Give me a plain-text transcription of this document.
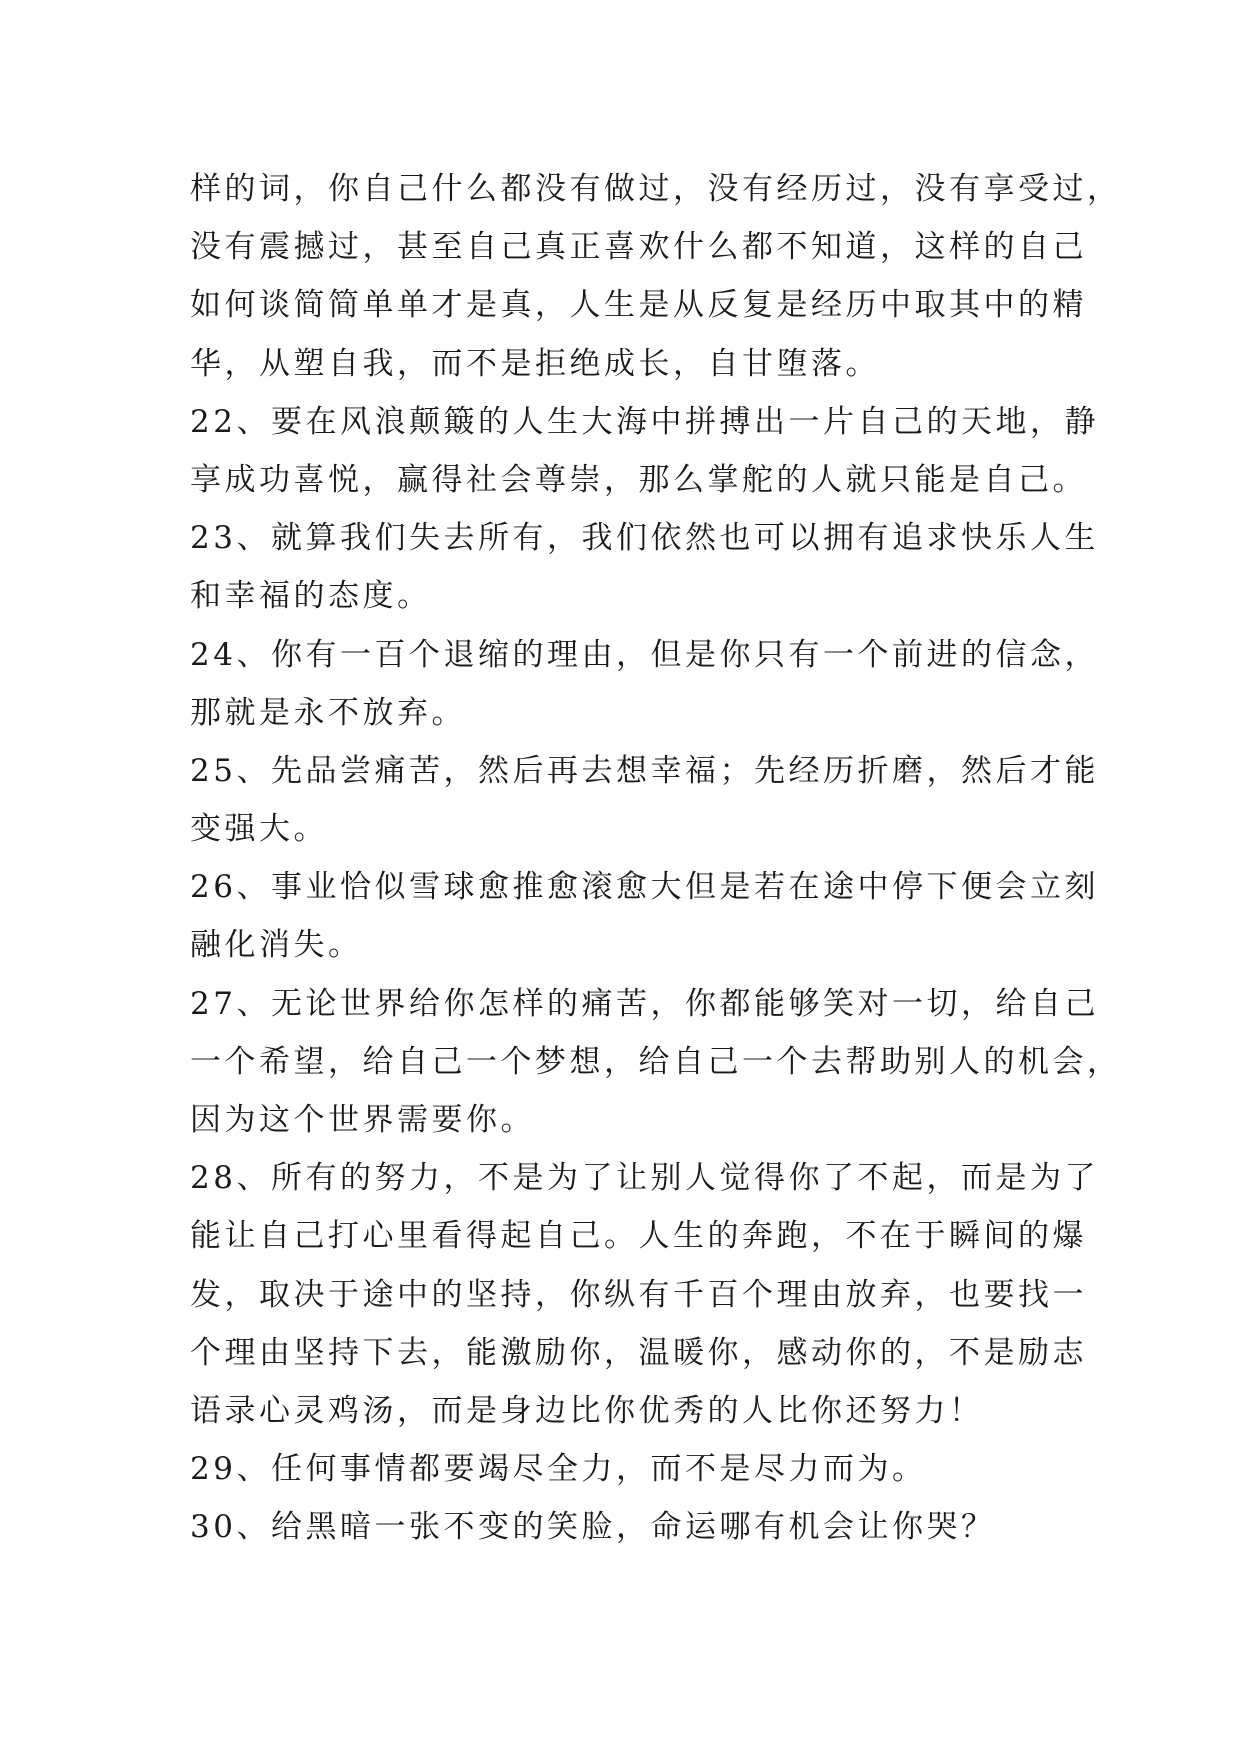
样的词，你自己什么都没有做过，没有经历过，没有享受过，
没有震撼过，甚至自己真正喜欢什么都不知道，这样的自己
如何谈简简单单才是真，人生是从反复是经历中取其中的精
华，从塑自我，而不是拒绝成长，自甘堕落。
22、要在风浪颠簸的人生大海中拼搏出一片自己的天地，静
享成功喜悦，赢得社会尊崇，那么掌舵的人就只能是自己。
23、就算我们失去所有，我们依然也可以拥有追求快乐人生
和幸福的态度。
24、你有一百个退缩的理由，但是你只有一个前进的信念，
那就是永不放弃。
25、先品尝痛苦，然后再去想幸福；先经历折磨，然后才能
变强大。
26、事业恰似雪球愈推愈滚愈大但是若在途中停下便会立刻
融化消失。
27、无论世界给你怎样的痛苦，你都能够笑对一切，给自己
一个希望，给自己一个梦想，给自己一个去帮助别人的机会，
因为这个世界需要你。
28、所有的努力，不是为了让别人觉得你了不起，而是为了
能让自己打心里看得起自己。人生的奔跑，不在于瞬间的爆
发，取决于途中的坚持，你纵有千百个理由放弃，也要找一
个理由坚持下去，能激励你，温暖你，感动你的，不是励志
语录心灵鸡汤，而是身边比你优秀的人比你还努力！
29、任何事情都要竭尽全力，而不是尽力而为。
30、给黑暗一张不变的笑脸，命运哪有机会让你哭？
